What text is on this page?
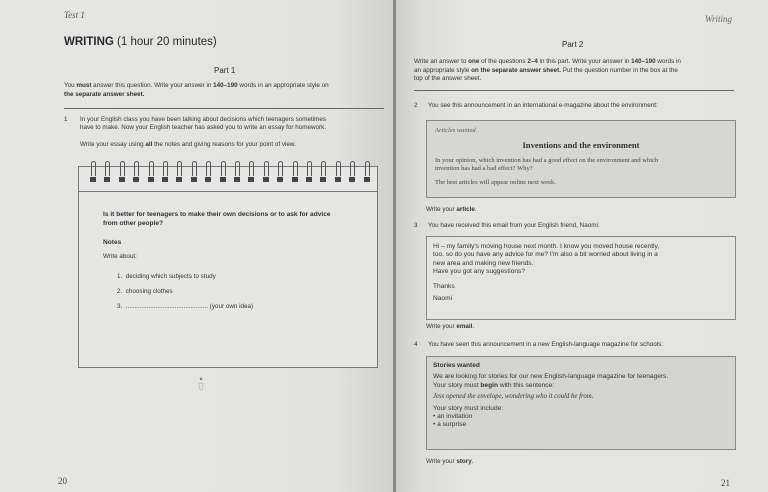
Test 1
WRITING (1 hour 20 minutes)
Part 1
You must answer this question. Write your answer in 140–190 words in an appropriate style on
the separate answer sheet.
1 In your English class you have been talking about decisions which teenagers sometimes
have to make. Now your English teacher has asked you to write an essay for homework.
Write your essay using all the notes and giving reasons for your point of view.
Is it better for teenagers to make their own decisions or to ask for advice
from other people?
Notes
Write about:
1. deciding which subjects to study
2. choosing clothes
3. ............................................... (your own idea)
20
Writing
Part 2
Write an answer to one of the questions 2–4 in this part. Write your answer in 140–190 words in
an appropriate style on the separate answer sheet. Put the question number in the box at the
top of the answer sheet.
2 You see this announcement in an international e-magazine about the environment:
Articles wanted
Inventions and the environment
In your opinion, which invention has had a good effect on the environment and which
invention has had a bad effect? Why?
The best articles will appear online next week.
Write your article.
3 You have received this email from your English friend, Naomi:
Hi – my family's moving house next month. I know you moved house recently,
too, so do you have any advice for me? I'm also a bit worried about living in a
new area and making new friends.
Have you got any suggestions?
Thanks
Naomi
Write your email.
4 You have seen this announcement in a new English-language magazine for schools:
Stories wanted
We are looking for stories for our new English-language magazine for teenagers.
Your story must begin with this sentence:
Jess opened the envelope, wondering who it could be from.
Your story must include:
• an invitation
• a surprise
Write your story.
21
